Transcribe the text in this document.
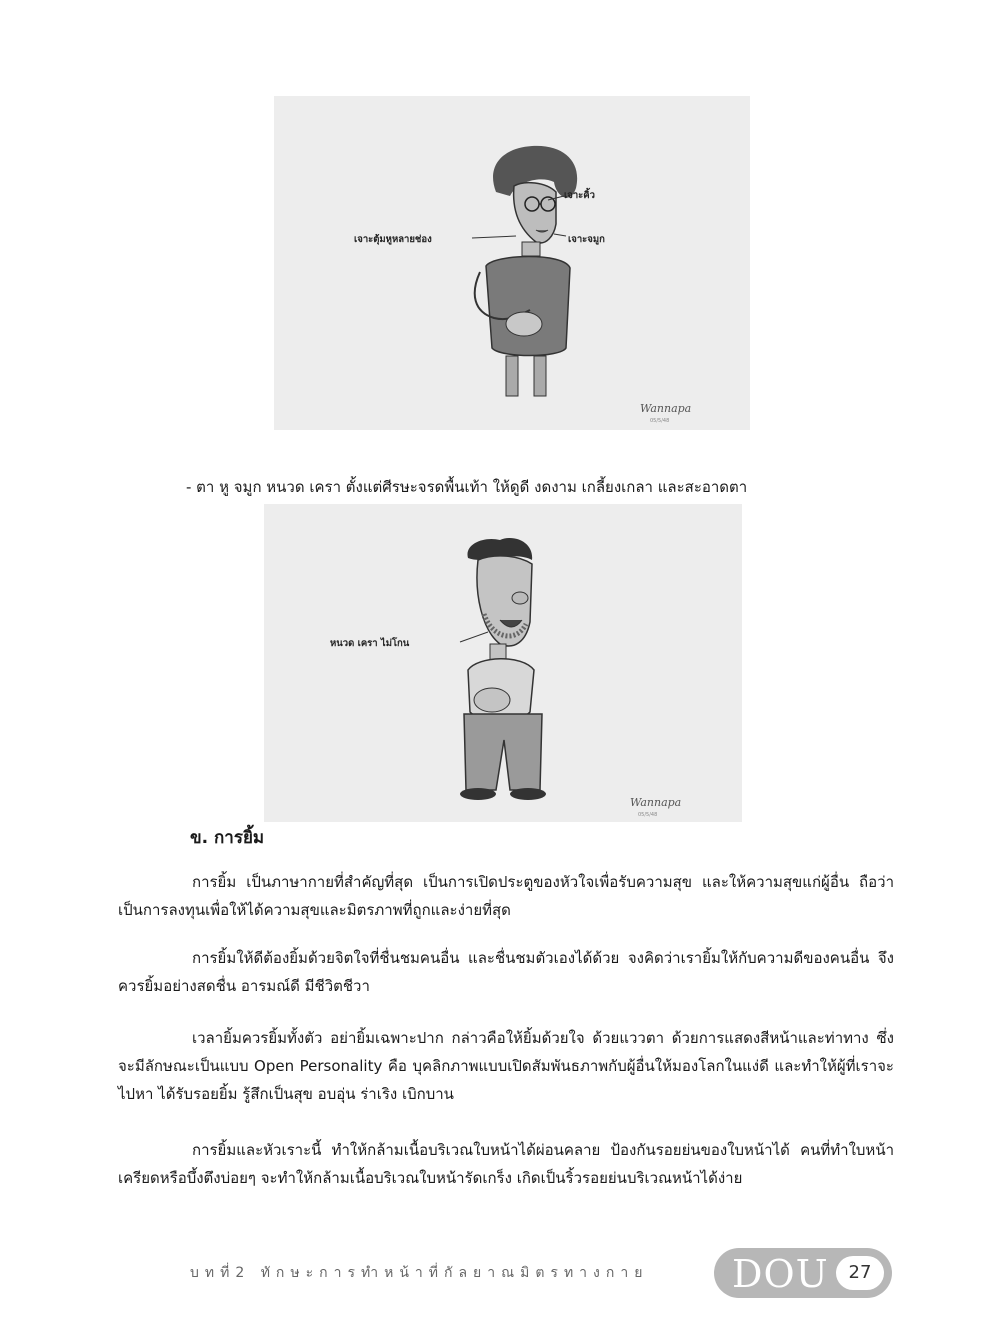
เจาะคิ้ว
เจาะตุ้มหูหลายช่อง	เจาะจมูก
Wannapa
05/5/48
- ตา หู จมูก หนวด เครา ตั้งแต่ศีรษะจรดพื้นเท้า ให้ดูดี งดงาม เกลี้ยงเกลา และสะอาดตา
หนวด เครา ไม่โกน
Wannapa
05/5/48
ข. การยิ้ม

การยิ้ม เป็นภาษากายที่สำคัญที่สุด เป็นการเปิดประตูของหัวใจเพื่อรับความสุข และให้ความสุขแก่ผู้อื่น ถือว่าเป็นการลงทุนเพื่อให้ได้ความสุขและมิตรภาพที่ถูกและง่ายที่สุด

การยิ้มให้ดีต้องยิ้มด้วยจิตใจที่ชื่นชมคนอื่น และชื่นชมตัวเองได้ด้วย จงคิดว่าเรายิ้มให้กับความดีของคนอื่น จึงควรยิ้มอย่างสดชื่น อารมณ์ดี มีชีวิตชีวา

เวลายิ้มควรยิ้มทั้งตัว อย่ายิ้มเฉพาะปาก กล่าวคือให้ยิ้มด้วยใจ ด้วยแววตา ด้วยการแสดงสีหน้าและท่าทาง ซึ่งจะมีลักษณะเป็นแบบ Open Personality คือ บุคลิกภาพแบบเปิดสัมพันธภาพกับผู้อื่นให้มองโลกในแง่ดี และทำให้ผู้ที่เราจะไปหา ได้รับรอยยิ้ม รู้สึกเป็นสุข อบอุ่น ร่าเริง เบิกบาน

การยิ้มและหัวเราะนี้ ทำให้กล้ามเนื้อบริเวณใบหน้าได้ผ่อนคลาย ป้องกันรอยย่นของใบหน้าได้ คนที่ทำใบหน้าเครียดหรือบึ้งตึงบ่อยๆ จะทำให้กล้ามเนื้อบริเวณใบหน้ารัดเกร็ง เกิดเป็นริ้วรอยย่นบริเวณหน้าได้ง่าย

บทที่2 ทักษะการทำหน้าที่กัลยาณมิตรทางกาย DOU	27
